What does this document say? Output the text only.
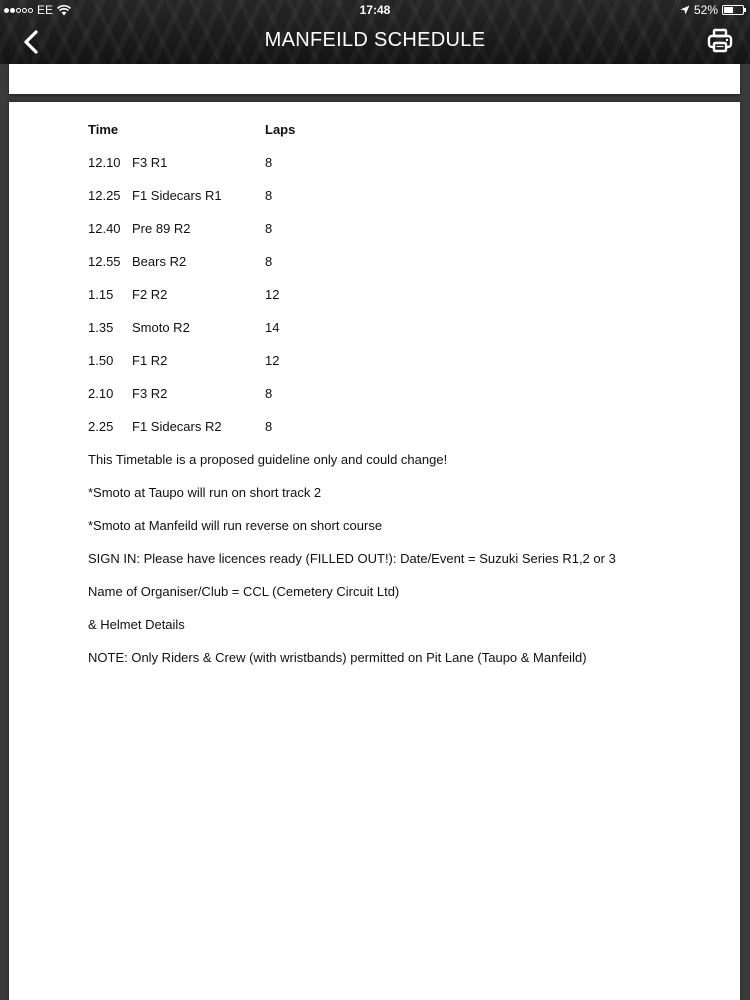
EE	17:48	52%
MANFEILD SCHEDULE
Time	Laps
12.10 F3 R1	8
12.25 F1 Sidecars R1	8
12.40 Pre 89 R2	8
12.55 Bears R2	8
1.15 F2 R2	12
1.35 Smoto R2	14
1.50 F1 R2	12
2.10 F3 R2	8
2.25 F1 Sidecars R2	8
This Timetable is a proposed guideline only and could change!
*Smoto at Taupo will run on short track 2
*Smoto at Manfeild will run reverse on short course
SIGN IN: Please have licences ready (FILLED OUT!): Date/Event = Suzuki Series R1,2 or 3
Name of Organiser/Club = CCL (Cemetery Circuit Ltd)
& Helmet Details
NOTE: Only Riders & Crew (with wristbands) permitted on Pit Lane (Taupo & Manfeild)
